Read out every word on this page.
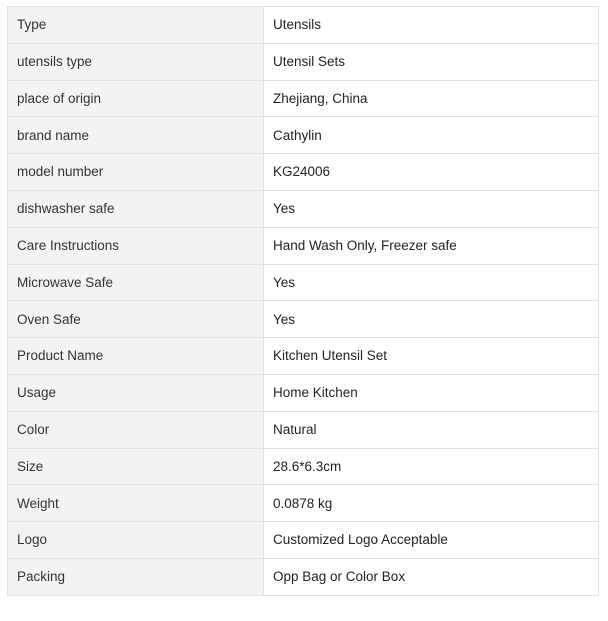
Type	Utensils
utensils type	Utensil Sets
place of origin	Zhejiang, China
brand name	Cathylin
model number	KG24006
dishwasher safe	Yes
Care Instructions	Hand Wash Only, Freezer safe
Microwave Safe	Yes
Oven Safe	Yes
Product Name	Kitchen Utensil Set
Usage	Home Kitchen
Color	Natural
Size	28.6*6.3cm
Weight	0.0878 kg
Logo	Customized Logo Acceptable
Packing	Opp Bag or Color Box
